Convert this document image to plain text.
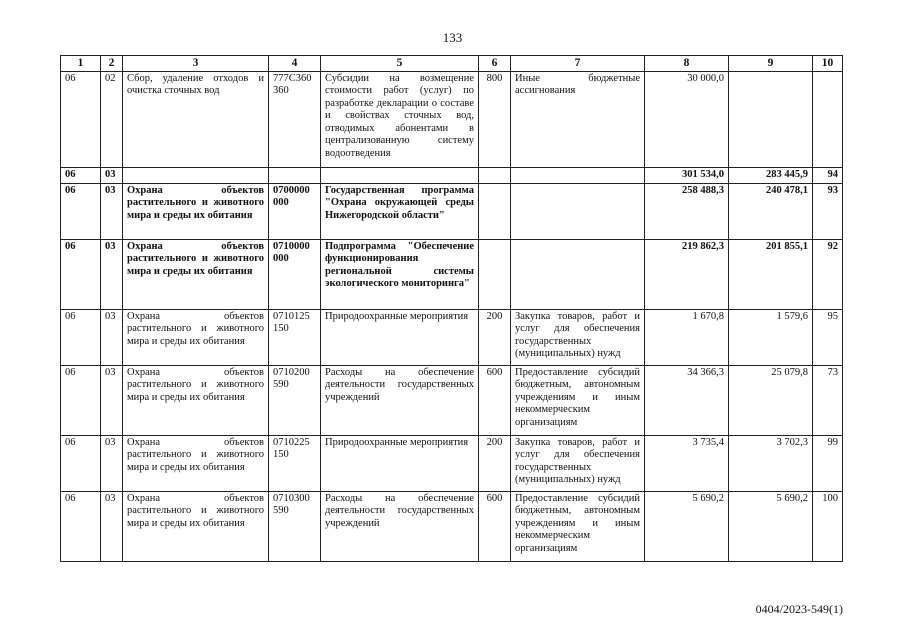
133
1	2	3	4	5	6	7	8	9	10
06	02	Сбор, удаление отходов и очистка сточных вод	777С360 360	Субсидии на возмещение стоимости работ (услуг) по разработке декларации о составе и свойствах сточных вод, отводимых абонентами в централизованную систему водоотведения	800	Иные бюджетные ассигнования	30 000,0		
06	03						301 534,0	283 445,9	94
06	03	Охрана объектов растительного и животного мира и среды их обитания	0700000 000	Государственная программа "Охрана окружающей среды Нижегородской области"			258 488,3	240 478,1	93
06	03	Охрана объектов растительного и животного мира и среды их обитания	0710000 000	Подпрограмма "Обеспечение функционирования региональной системы экологического мониторинга"			219 862,3	201 855,1	92
06	03	Охрана объектов растительного и животного мира и среды их обитания	0710125 150	Природоохранные мероприятия	200	Закупка товаров, работ и услуг для обеспечения государственных (муниципальных) нужд	1 670,8	1 579,6	95
06	03	Охрана объектов растительного и животного мира и среды их обитания	0710200 590	Расходы на обеспечение деятельности государственных учреждений	600	Предоставление субсидий бюджетным, автономным учреждениям и иным некоммерческим организациям	34 366,3	25 079,8	73
06	03	Охрана объектов растительного и животного мира и среды их обитания	0710225 150	Природоохранные мероприятия	200	Закупка товаров, работ и услуг для обеспечения государственных (муниципальных) нужд	3 735,4	3 702,3	99
06	03	Охрана объектов растительного и животного мира и среды их обитания	0710300 590	Расходы на обеспечение деятельности государственных учреждений	600	Предоставление субсидий бюджетным, автономным учреждениям и иным некоммерческим организациям	5 690,2	5 690,2	100
0404/2023-549(1)
